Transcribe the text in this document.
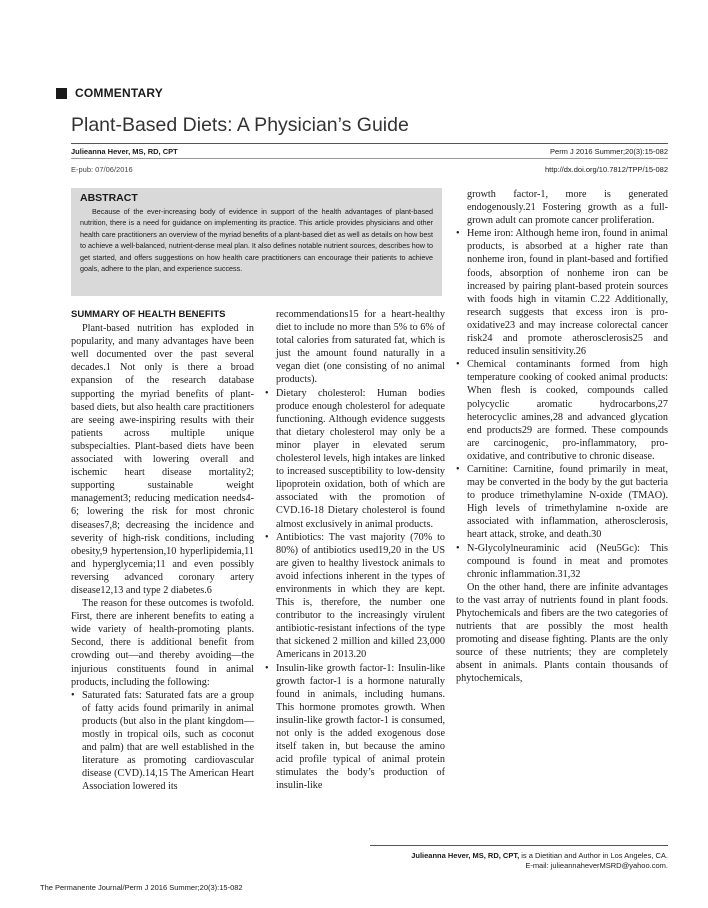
COMMENTARY
Plant-Based Diets: A Physician’s Guide
Julieanna Hever, MS, RD, CPT	Perm J 2016 Summer;20(3):15-082
E-pub: 07/06/2016	http://dx.doi.org/10.7812/TPP/15-082
ABSTRACT
Because of the ever-increasing body of evidence in support of the health advantages of plant-based nutrition, there is a need for guidance on implementing its practice. This article provides physicians and other health care practitioners an overview of the myriad benefits of a plant-based diet as well as details on how best to achieve a well-balanced, nutrient-dense meal plan. It also defines notable nutrient sources, describes how to get started, and offers suggestions on how health care practitioners can encourage their patients to achieve goals, adhere to the plan, and experience success.
SUMMARY OF HEALTH BENEFITS

Plant-based nutrition has exploded in popularity, and many advantages have been well documented over the past several decades.1 Not only is there a broad expansion of the research database supporting the myriad benefits of plant-based diets, but also health care practitioners are seeing awe-inspiring results with their patients across multiple unique subspecialties. Plant-based diets have been associated with lowering overall and ischemic heart disease mortality2; supporting sustainable weight management3; reducing medication needs4-6; lowering the risk for most chronic diseases7,8; decreasing the incidence and severity of high-risk conditions, including obesity,9 hypertension,10 hyperlipidemia,11 and hyperglycemia;11 and even possibly reversing advanced coronary artery disease12,13 and type 2 diabetes.6

The reason for these outcomes is twofold. First, there are inherent benefits to eating a wide variety of health-promoting plants. Second, there is additional benefit from crowding out—and thereby avoiding—the injurious constituents found in animal products, including the following:

• Saturated fats: Saturated fats are a group of fatty acids found primarily in animal products (but also in the plant kingdom—mostly in tropical oils, such as coconut and palm) that are well established in the literature as promoting cardiovascular disease (CVD).14,15 The American Heart Association lowered its

recommendations15 for a heart-healthy diet to include no more than 5% to 6% of total calories from saturated fat, which is just the amount found naturally in a vegan diet (one consisting of no animal products).

• Dietary cholesterol: Human bodies produce enough cholesterol for adequate functioning. Although evidence suggests that dietary cholesterol may only be a minor player in elevated serum cholesterol levels, high intakes are linked to increased susceptibility to low-density lipoprotein oxidation, both of which are associated with the promotion of CVD.16-18 Dietary cholesterol is found almost exclusively in animal products.

• Antibiotics: The vast majority (70% to 80%) of antibiotics used19,20 in the US are given to healthy livestock animals to avoid infections inherent in the types of environments in which they are kept. This is, therefore, the number one contributor to the increasingly virulent antibiotic-resistant infections of the type that sickened 2 million and killed 23,000 Americans in 2013.20

• Insulin-like growth factor-1: Insulin-like growth factor-1 is a hormone naturally found in animals, including humans. This hormone promotes growth. When insulin-like growth factor-1 is consumed, not only is the added exogenous dose itself taken in, but because the amino acid profile typical of animal protein stimulates the body’s production of insulin-like

growth factor-1, more is generated endogenously.21 Fostering growth as a full-grown adult can promote cancer proliferation.

• Heme iron: Although heme iron, found in animal products, is absorbed at a higher rate than nonheme iron, found in plant-based and fortified foods, absorption of nonheme iron can be increased by pairing plant-based protein sources with foods high in vitamin C.22 Additionally, research suggests that excess iron is pro-oxidative23 and may increase colorectal cancer risk24 and promote atherosclerosis25 and reduced insulin sensitivity.26

• Chemical contaminants formed from high temperature cooking of cooked animal products: When flesh is cooked, compounds called polycyclic aromatic hydrocarbons,27 heterocyclic amines,28 and advanced glycation end products29 are formed. These compounds are carcinogenic, pro-inflammatory, pro-oxidative, and contributive to chronic disease.

• Carnitine: Carnitine, found primarily in meat, may be converted in the body by the gut bacteria to produce trimethylamine N-oxide (TMAO). High levels of trimethylamine n-oxide are associated with inflammation, atherosclerosis, heart attack, stroke, and death.30

• N-Glycolylneuraminic acid (Neu5Gc): This compound is found in meat and promotes chronic inflammation.31,32

On the other hand, there are infinite advantages to the vast array of nutrients found in plant foods. Phytochemicals and fibers are the two categories of nutrients that are possibly the most health promoting and disease fighting. Plants are the only source of these nutrients; they are completely absent in animals. Plants contain thousands of phytochemicals,

Julieanna Hever, MS, RD, CPT, is a Dietitian and Author in Los Angeles, CA.
E-mail: julieannaheverMSRD@yahoo.com.
The Permanente Journal/Perm J 2016 Summer;20(3):15-082
